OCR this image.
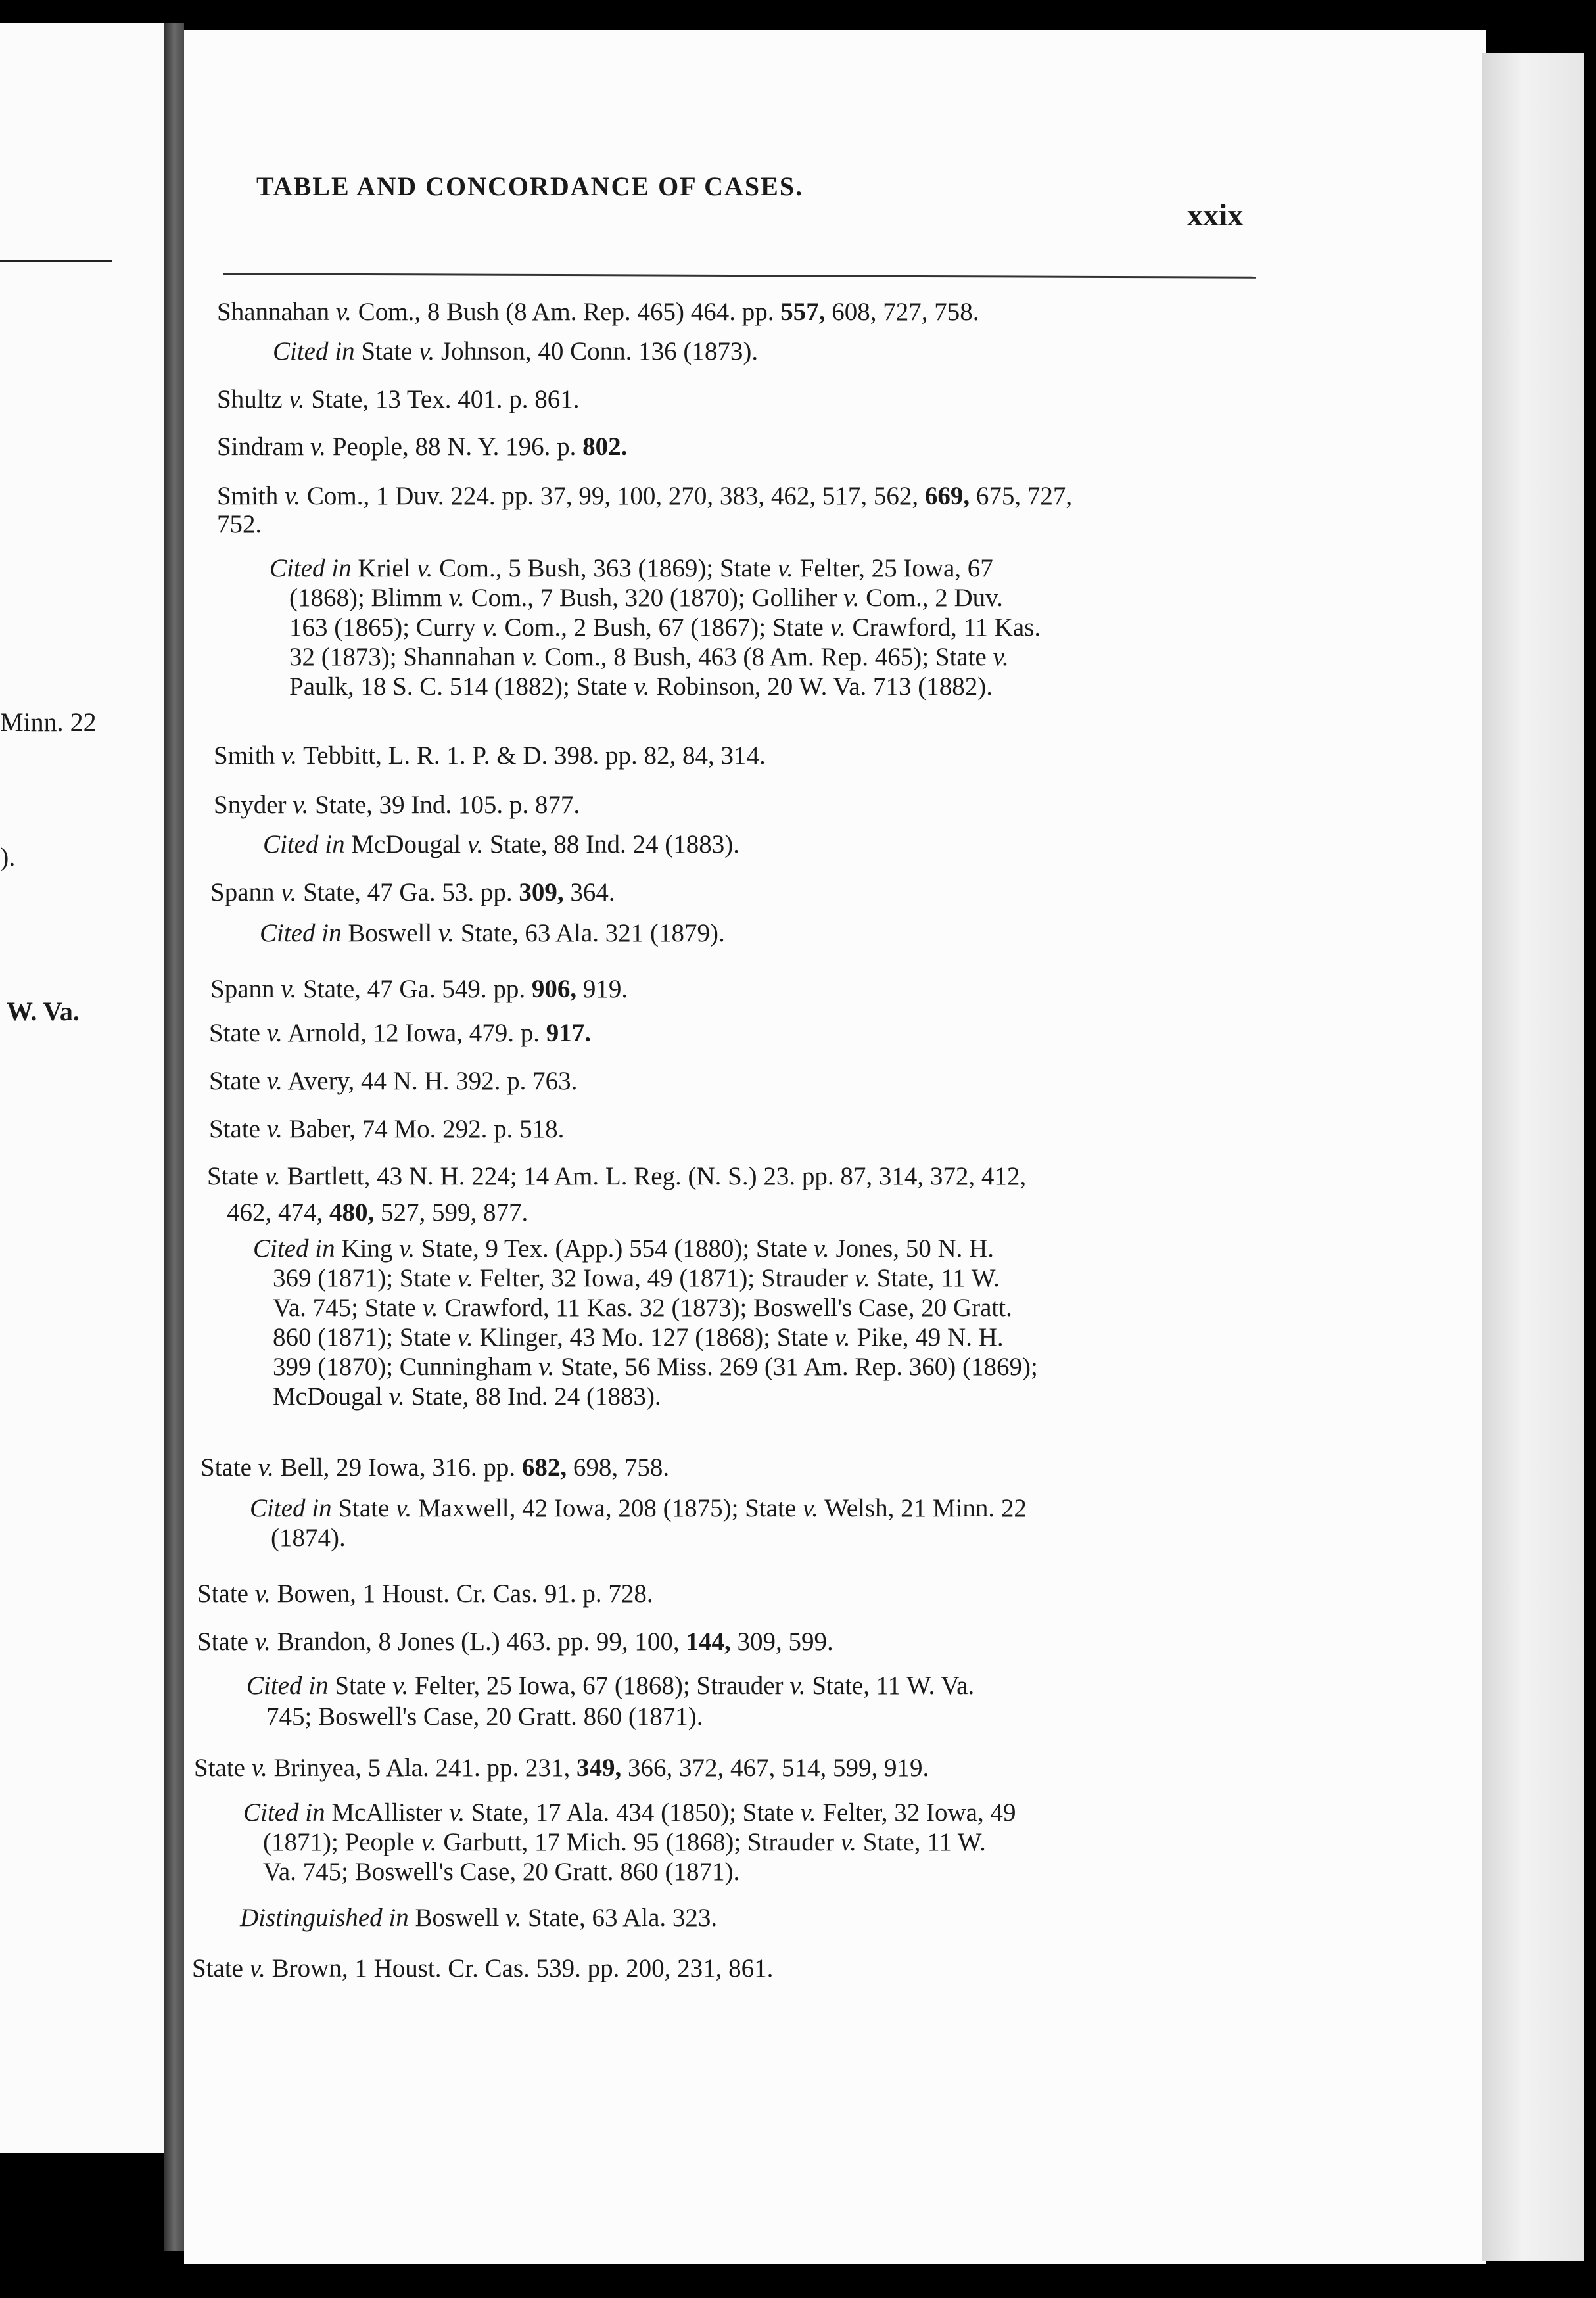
Minn. 22
).
W. Va.
TABLE AND CONCORDANCE OF CASES.
xxix
Shannahan v. Com., 8 Bush (8 Am. Rep. 465) 464. pp. 557, 608, 727, 758.
Cited in State v. Johnson, 40 Conn. 136 (1873).
Shultz v. State, 13 Tex. 401. p. 861.
Sindram v. People, 88 N. Y. 196. p. 802.
Smith v. Com., 1 Duv. 224. pp. 37, 99, 100, 270, 383, 462, 517, 562, 669, 675, 727,
752.
Cited in Kriel v. Com., 5 Bush, 363 (1869); State v. Felter, 25 Iowa, 67
(1868); Blimm v. Com., 7 Bush, 320 (1870); Golliher v. Com., 2 Duv.
163 (1865); Curry v. Com., 2 Bush, 67 (1867); State v. Crawford, 11 Kas.
32 (1873); Shannahan v. Com., 8 Bush, 463 (8 Am. Rep. 465); State v.
Paulk, 18 S. C. 514 (1882); State v. Robinson, 20 W. Va. 713 (1882).
Smith v. Tebbitt, L. R. 1. P. & D. 398. pp. 82, 84, 314.
Snyder v. State, 39 Ind. 105. p. 877.
Cited in McDougal v. State, 88 Ind. 24 (1883).
Spann v. State, 47 Ga. 53. pp. 309, 364.
Cited in Boswell v. State, 63 Ala. 321 (1879).
Spann v. State, 47 Ga. 549. pp. 906, 919.
State v. Arnold, 12 Iowa, 479. p. 917.
State v. Avery, 44 N. H. 392. p. 763.
State v. Baber, 74 Mo. 292. p. 518.
State v. Bartlett, 43 N. H. 224; 14 Am. L. Reg. (N. S.) 23. pp. 87, 314, 372, 412,
462, 474, 480, 527, 599, 877.
Cited in King v. State, 9 Tex. (App.) 554 (1880); State v. Jones, 50 N. H.
369 (1871); State v. Felter, 32 Iowa, 49 (1871); Strauder v. State, 11 W.
Va. 745; State v. Crawford, 11 Kas. 32 (1873); Boswell's Case, 20 Gratt.
860 (1871); State v. Klinger, 43 Mo. 127 (1868); State v. Pike, 49 N. H.
399 (1870); Cunningham v. State, 56 Miss. 269 (31 Am. Rep. 360) (1869);
McDougal v. State, 88 Ind. 24 (1883).
State v. Bell, 29 Iowa, 316. pp. 682, 698, 758.
Cited in State v. Maxwell, 42 Iowa, 208 (1875); State v. Welsh, 21 Minn. 22
(1874).
State v. Bowen, 1 Houst. Cr. Cas. 91. p. 728.
State v. Brandon, 8 Jones (L.) 463. pp. 99, 100, 144, 309, 599.
Cited in State v. Felter, 25 Iowa, 67 (1868); Strauder v. State, 11 W. Va.
745; Boswell's Case, 20 Gratt. 860 (1871).
State v. Brinyea, 5 Ala. 241. pp. 231, 349, 366, 372, 467, 514, 599, 919.
Cited in McAllister v. State, 17 Ala. 434 (1850); State v. Felter, 32 Iowa, 49
(1871); People v. Garbutt, 17 Mich. 95 (1868); Strauder v. State, 11 W.
Va. 745; Boswell's Case, 20 Gratt. 860 (1871).
Distinguished in Boswell v. State, 63 Ala. 323.
State v. Brown, 1 Houst. Cr. Cas. 539. pp. 200, 231, 861.
